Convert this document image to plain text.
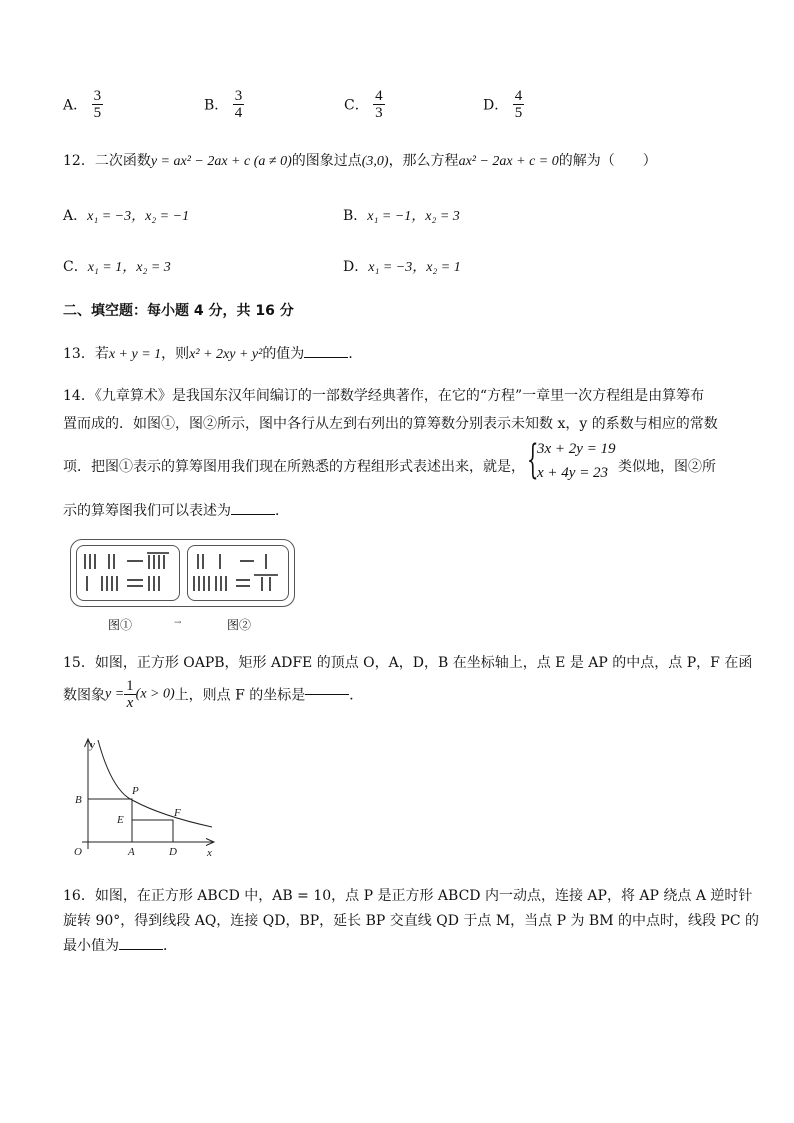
A． $\frac{3}{5}$	B． $\frac{3}{4}$	C． $\frac{4}{3}$	D． $\frac{4}{5}$
12．二次函数y = ax² − 2ax + c (a ≠ 0)的图象过点(3,0)，那么方程ax² − 2ax + c = 0的解为（　　）
A．x₁ = −3，x₂ = −1	B．x₁ = −1，x₂ = 3
C．x₁ = 1，x₂ = 3	D．x₁ = −3，x₂ = 1
二、填空题：每小题 4 分，共 16 分
13．若x + y = 1，则x² + 2xy + y²的值为	．
14．《九章算术》是我国东汉年间编订的一部数学经典著作，在它的“方程”一章里一次方程组是由算筹布
置而成的．如图①，图②所示，图中各行从左到右列出的算筹数分别表示未知数 x，y 的系数与相应的常数
项．把图①表示的算筹图用我们现在所熟悉的方程组形式表述出来，就是， {
3x + 2y = 19
x + 4y = 23 类似地，图②所
示的算筹图我们可以表述为	．
图①	→	图②
15．如图，正方形 OAPB，矩形 ADFE 的顶点 O，A，D，B 在坐标轴上，点 E 是 AP 的中点，点 P，F 在函
数图象$y = \frac{1}{x} (x > 0)$上，则点 F 的坐标是	．
y
x
O	A	D
B
P
E
F
16．如图，在正方形 ABCD 中，AB = 10，点 P 是正方形 ABCD 内一动点，连接 AP，将 AP 绕点 A 逆时针
旋转 90°，得到线段 AQ，连接 QD，BP，延长 BP 交直线 QD 于点 M，当点 P 为 BM 的中点时，线段 PC 的
最小值为	．
